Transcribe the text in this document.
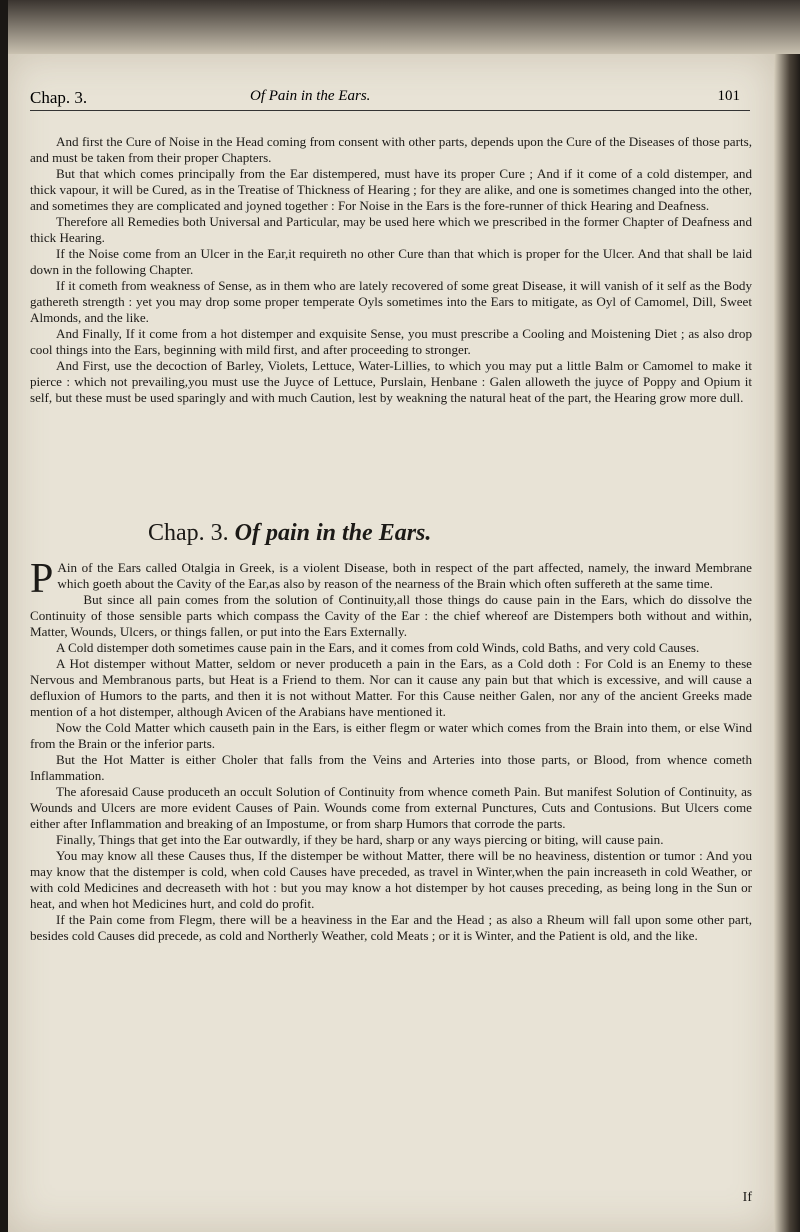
Chap. 3.	Of Pain in the Ears.	101

And first the Cure of Noise in the Head coming from consent with other parts, depends upon the Cure of the Diseases of those parts, and must be taken from their proper Chapters.

But that which comes principally from the Ear distempered, must have its proper Cure ; And if it come of a cold distemper, and thick vapour, it will be Cured, as in the Treatise of Thickness of Hearing ; for they are alike, and one is sometimes changed into the other, and sometimes they are complicated and joyned together : For Noise in the Ears is the fore-runner of thick Hearing and Deafness.

Therefore all Remedies both Universal and Particular, may be used here which we prescribed in the former Chapter of Deafness and thick Hearing.

If the Noise come from an Ulcer in the Ear,it requireth no other Cure than that which is proper for the Ulcer. And that shall be laid down in the following Chapter.

If it cometh from weakness of Sense, as in them who are lately recovered of some great Disease, it will vanish of it self as the Body gathereth strength : yet you may drop some proper temperate Oyls sometimes into the Ears to mitigate, as Oyl of Camomel, Dill, Sweet Almonds, and the like.

And Finally, If it come from a hot distemper and exquisite Sense, you must prescribe a Cooling and Moistening Diet ; as also drop cool things into the Ears, beginning with mild first, and after proceeding to stronger.

And First, use the decoction of Barley, Violets, Lettuce, Water-Lillies, to which you may put a little Balm or Camomel to make it pierce : which not prevailing,you must use the Juyce of Lettuce, Purslain, Henbane : Galen alloweth the juyce of Poppy and Opium it self, but these must be used sparingly and with much Caution, lest by weakning the natural heat of the part, the Hearing grow more dull.

Chap. 3. Of pain in the Ears.

P Ain of the Ears called Otalgia in Greek, is a violent Disease, both in respect of the part affected, namely, the inward Membrane which goeth about the Cavity of the Ear,as also by reason of the nearness of the Brain which often suffereth at the same time.

But since all pain comes from the solution of Continuity,all those things do cause pain in the Ears, which do dissolve the Continuity of those sensible parts which compass the Cavity of the Ear : the chief whereof are Distempers both without and within, Matter, Wounds, Ulcers, or things fallen, or put into the Ears Externally.

A Cold distemper doth sometimes cause pain in the Ears, and it comes from cold Winds, cold Baths, and very cold Causes.

A Hot distemper without Matter, seldom or never produceth a pain in the Ears, as a Cold doth : For Cold is an Enemy to these Nervous and Membranous parts, but Heat is a Friend to them. Nor can it cause any pain but that which is excessive, and will cause a defluxion of Humors to the parts, and then it is not without Matter. For this Cause neither Galen, nor any of the ancient Greeks made mention of a hot distemper, although Avicen of the Arabians have mentioned it.

Now the Cold Matter which causeth pain in the Ears, is either flegm or water which comes from the Brain into them, or else Wind from the Brain or the inferior parts.

But the Hot Matter is either Choler that falls from the Veins and Arteries into those parts, or Blood, from whence cometh Inflammation.

The aforesaid Cause produceth an occult Solution of Continuity from whence cometh Pain. But manifest Solution of Continuity, as Wounds and Ulcers are more evident Causes of Pain. Wounds come from external Punctures, Cuts and Contusions. But Ulcers come either after Inflammation and breaking of an Impostume, or from sharp Humors that corrode the parts.

Finally, Things that get into the Ear outwardly, if they be hard, sharp or any ways piercing or biting, will cause pain.

You may know all these Causes thus, If the distemper be without Matter, there will be no heaviness, distention or tumor : And you may know that the distemper is cold, when cold Causes have preceded, as travel in Winter,when the pain increaseth in cold Weather, or with cold Medicines and decreaseth with hot : but you may know a hot distemper by hot causes preceding, as being long in the Sun or heat, and when hot Medicines hurt, and cold do profit.

If the Pain come from Flegm, there will be a heaviness in the Ear and the Head ; as also a Rheum will fall upon some other part, besides cold Causes did precede, as cold and Northerly Weather, cold Meats ; or it is Winter, and the Patient is old, and the like.

If
